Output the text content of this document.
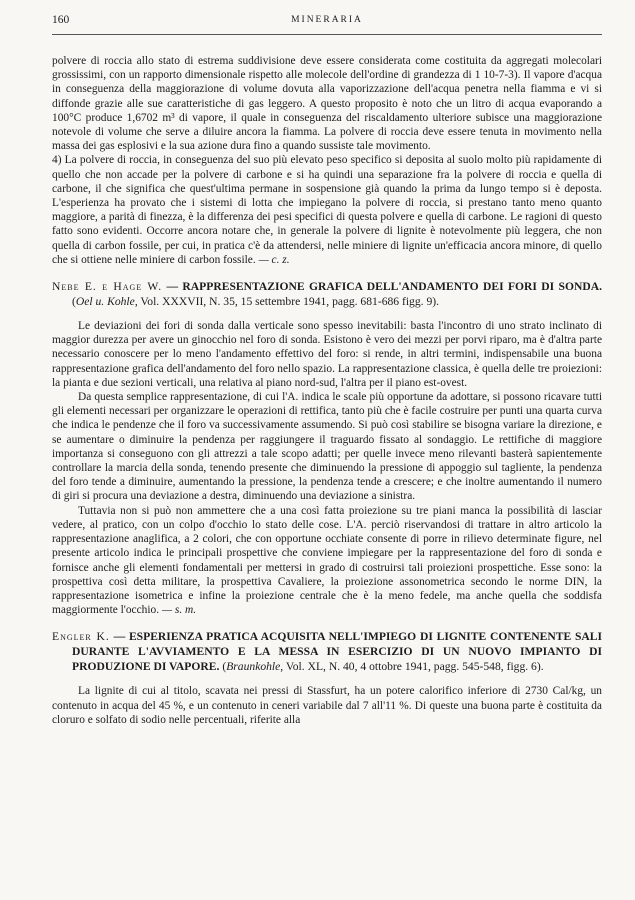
160	MINERARIA

polvere di roccia allo stato di estrema suddivisione deve essere considerata come costituita da aggregati molecolari grossissimi, con un rapporto dimensionale rispetto alle molecole dell'ordine di grandezza di 1 10-7-3). Il vapore d'acqua in conseguenza della maggiorazione di volume dovuta alla vaporizzazione dell'acqua penetra nella fiamma e vi si diffonde grazie alle sue caratteristiche di gas leggero. A questo proposito è noto che un litro di acqua evaporando a 100°C produce 1,6702 m³ di vapore, il quale in conseguenza del riscaldamento ulteriore subisce una maggiorazione notevole di volume che serve a diluire ancora la fiamma. La polvere di roccia deve essere tenuta in movimento nella massa dei gas esplosivi e la sua azione dura fino a quando sussiste tale movimento.

4) La polvere di roccia, in conseguenza del suo più elevato peso specifico si deposita al suolo molto più rapidamente di quello che non accade per la polvere di carbone e si ha quindi una separazione fra la polvere di roccia e quella di carbone, il che significa che quest'ultima permane in sospensione già quando la prima da lungo tempo si è deposta. L'esperienza ha provato che i sistemi di lotta che impiegano la polvere di roccia, si prestano tanto meno quanto maggiore, a parità di finezza, è la differenza dei pesi specifici di questa polvere e quella di carbone. Le ragioni di questo fatto sono evidenti. Occorre ancora notare che, in generale la polvere di lignite è notevolmente più leggera, che non quella di carbon fossile, per cui, in pratica c'è da attendersi, nelle miniere di lignite un'efficacia ancora minore, di quello che si ottiene nelle miniere di carbon fossile. — c. z.

Nebe E. e Hage W. — RAPPRESENTAZIONE GRAFICA DELL'ANDAMENTO DEI FORI DI SONDA. (Oel u. Kohle, Vol. XXXVII, N. 35, 15 settembre 1941, pagg. 681-686 figg. 9).

Le deviazioni dei fori di sonda dalla verticale sono spesso inevitabili: basta l'incontro di uno strato inclinato di maggior durezza per avere un ginocchio nel foro di sonda. Esistono è vero dei mezzi per porvi riparo, ma è d'altra parte necessario conoscere per lo meno l'andamento effettivo del foro: si rende, in altri termini, indispensabile una buona rappresentazione grafica dell'andamento del foro nello spazio. La rappresentazione classica, è quella delle tre proiezioni: la pianta e due sezioni verticali, una relativa al piano nord-sud, l'altra per il piano est-ovest.

Da questa semplice rappresentazione, di cui l'A. indica le scale più opportune da adottare, si possono ricavare tutti gli elementi necessari per organizzare le operazioni di rettifica, tanto più che è facile costruire per punti una quarta curva che indica le pendenze che il foro va successivamente assumendo. Si può così stabilire se bisogna variare la direzione, e se aumentare o diminuire la pendenza per raggiungere il traguardo fissato al sondaggio. Le rettifiche di maggiore importanza si conseguono con gli attrezzi a tale scopo adatti; per quelle invece meno rilevanti basterà sapientemente controllare la marcia della sonda, tenendo presente che diminuendo la pressione di appoggio sul tagliente, la pendenza del foro tende a diminuire, aumentando la pressione, la pendenza tende a crescere; e che inoltre aumentando il numero di giri si procura una deviazione a destra, diminuendo una deviazione a sinistra.

Tuttavia non si può non ammettere che a una così fatta proiezione su tre piani manca la possibilità di lasciar vedere, al pratico, con un colpo d'occhio lo stato delle cose. L'A. perciò riservandosi di trattare in altro articolo la rappresentazione anaglifica, a 2 colori, che con opportune occhiate consente di porre in rilievo determinate figure, nel presente articolo indica le principali prospettive che conviene impiegare per la rappresentazione del foro di sonda e fornisce anche gli elementi fondamentali per mettersi in grado di costruirsi tali proiezioni prospettiche. Esse sono: la prospettiva così detta militare, la prospettiva Cavaliere, la proiezione assonometrica secondo le norme DIN, la rappresentazione isometrica e infine la proiezione centrale che è la meno fedele, ma anche quella che soddisfa maggiormente l'occhio. — s. m.

Engler K. — ESPERIENZA PRATICA ACQUISITA NELL'IMPIEGO DI LIGNITE CONTENENTE SALI DURANTE L'AVVIAMENTO E LA MESSA IN ESERCIZIO DI UN NUOVO IMPIANTO DI PRODUZIONE DI VAPORE. (Braunkohle, Vol. XL, N. 40, 4 ottobre 1941, pagg. 545-548, figg. 6).

La lignite di cui al titolo, scavata nei pressi di Stassfurt, ha un potere calorifico inferiore di 2730 Cal/kg, un contenuto in acqua del 45 %, e un contenuto in ceneri variabile dal 7 all'11 %. Di queste una buona parte è costituita da cloruro e solfato di sodio nelle percentuali, riferite alla
